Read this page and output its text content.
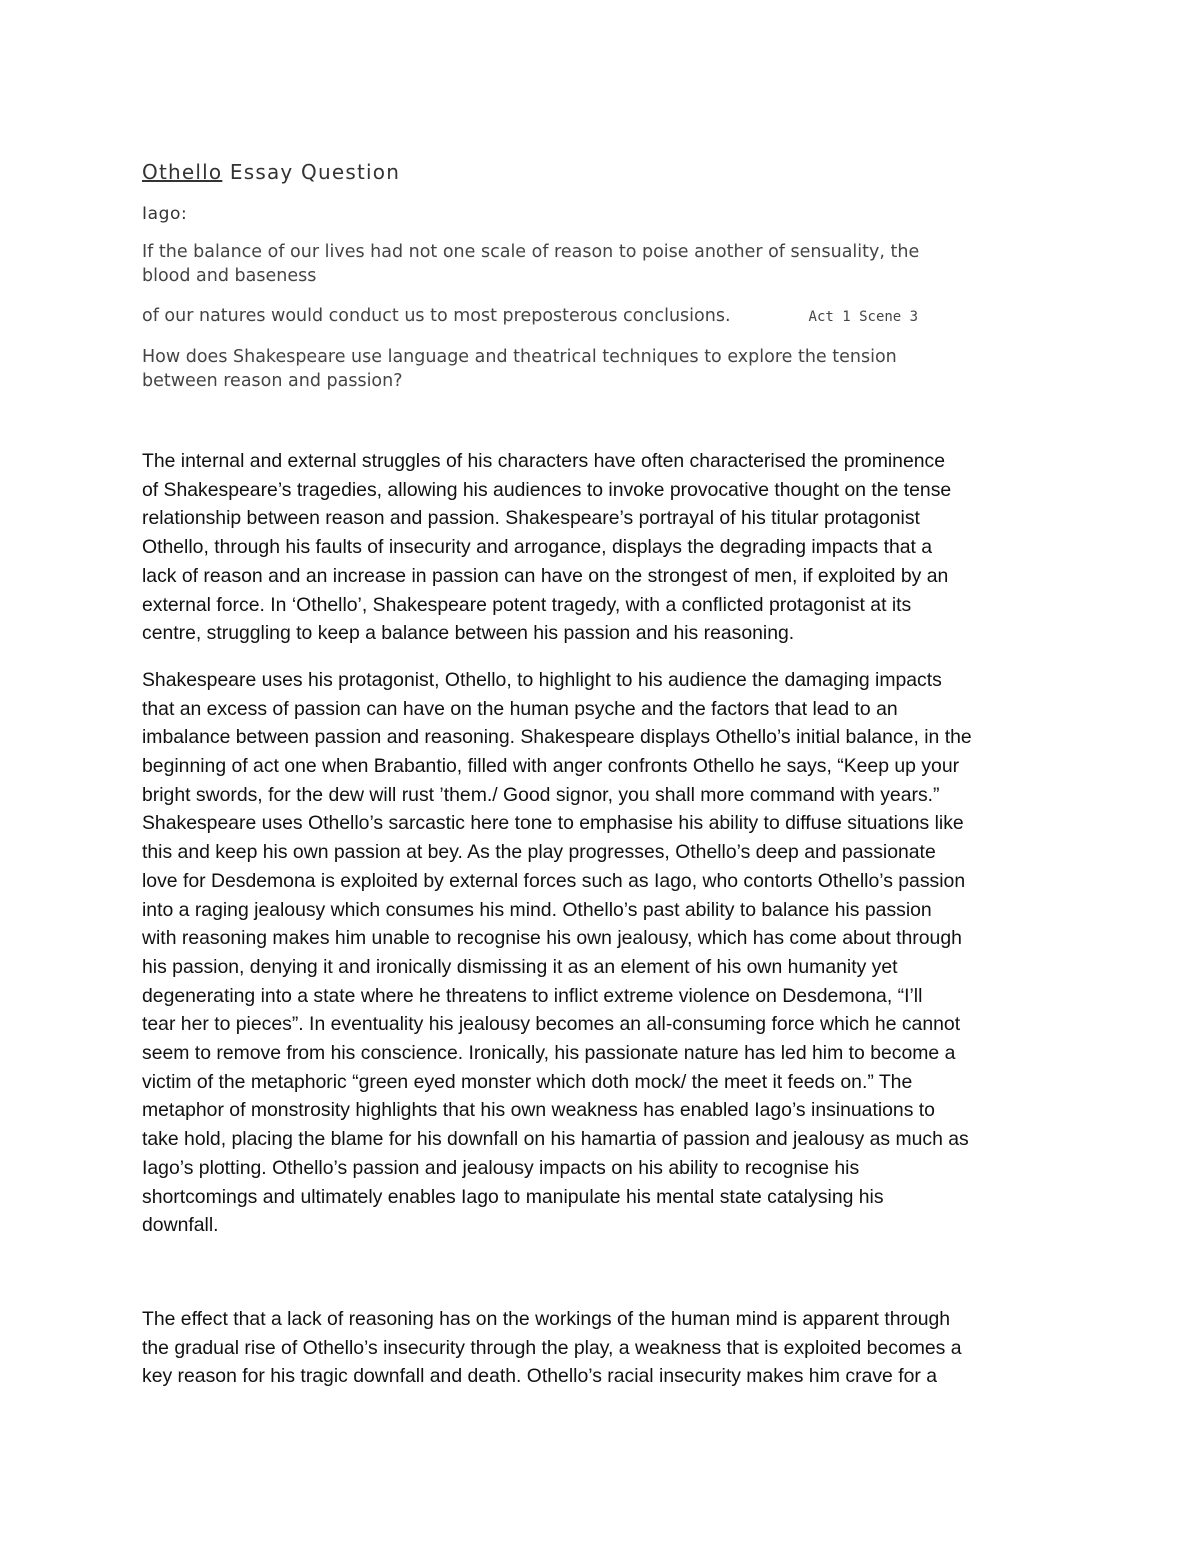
Othello Essay Question
Iago:
If the balance of our lives had not one scale of reason to poise another of sensuality, the
blood and baseness
of our natures would conduct us to most preposterous conclusions.	Act 1 Scene 3
How does Shakespeare use language and theatrical techniques to explore the tension
between reason and passion?

The internal and external struggles of his characters have often characterised the prominence
of Shakespeare’s tragedies, allowing his audiences to invoke provocative thought on the tense
relationship between reason and passion. Shakespeare’s portrayal of his titular protagonist
Othello, through his faults of insecurity and arrogance, displays the degrading impacts that a
lack of reason and an increase in passion can have on the strongest of men, if exploited by an
external force. In ‘Othello’, Shakespeare potent tragedy, with a conflicted protagonist at its
centre, struggling to keep a balance between his passion and his reasoning.

Shakespeare uses his protagonist, Othello, to highlight to his audience the damaging impacts
that an excess of passion can have on the human psyche and the factors that lead to an
imbalance between passion and reasoning. Shakespeare displays Othello’s initial balance, in the
beginning of act one when Brabantio, filled with anger confronts Othello he says, “Keep up your
bright swords, for the dew will rust ’them./ Good signor, you shall more command with years.”
Shakespeare uses Othello’s sarcastic here tone to emphasise his ability to diffuse situations like
this and keep his own passion at bey. As the play progresses, Othello’s deep and passionate
love for Desdemona is exploited by external forces such as Iago, who contorts Othello’s passion
into a raging jealousy which consumes his mind. Othello’s past ability to balance his passion
with reasoning makes him unable to recognise his own jealousy, which has come about through
his passion, denying it and ironically dismissing it as an element of his own humanity yet
degenerating into a state where he threatens to inflict extreme violence on Desdemona, “I’ll
tear her to pieces”. In eventuality his jealousy becomes an all-consuming force which he cannot
seem to remove from his conscience. Ironically, his passionate nature has led him to become a
victim of the metaphoric “green eyed monster which doth mock/ the meet it feeds on.” The
metaphor of monstrosity highlights that his own weakness has enabled Iago’s insinuations to
take hold, placing the blame for his downfall on his hamartia of passion and jealousy as much as
Iago’s plotting. Othello’s passion and jealousy impacts on his ability to recognise his
shortcomings and ultimately enables Iago to manipulate his mental state catalysing his
downfall.

The effect that a lack of reasoning has on the workings of the human mind is apparent through
the gradual rise of Othello’s insecurity through the play, a weakness that is exploited becomes a
key reason for his tragic downfall and death. Othello’s racial insecurity makes him crave for a
